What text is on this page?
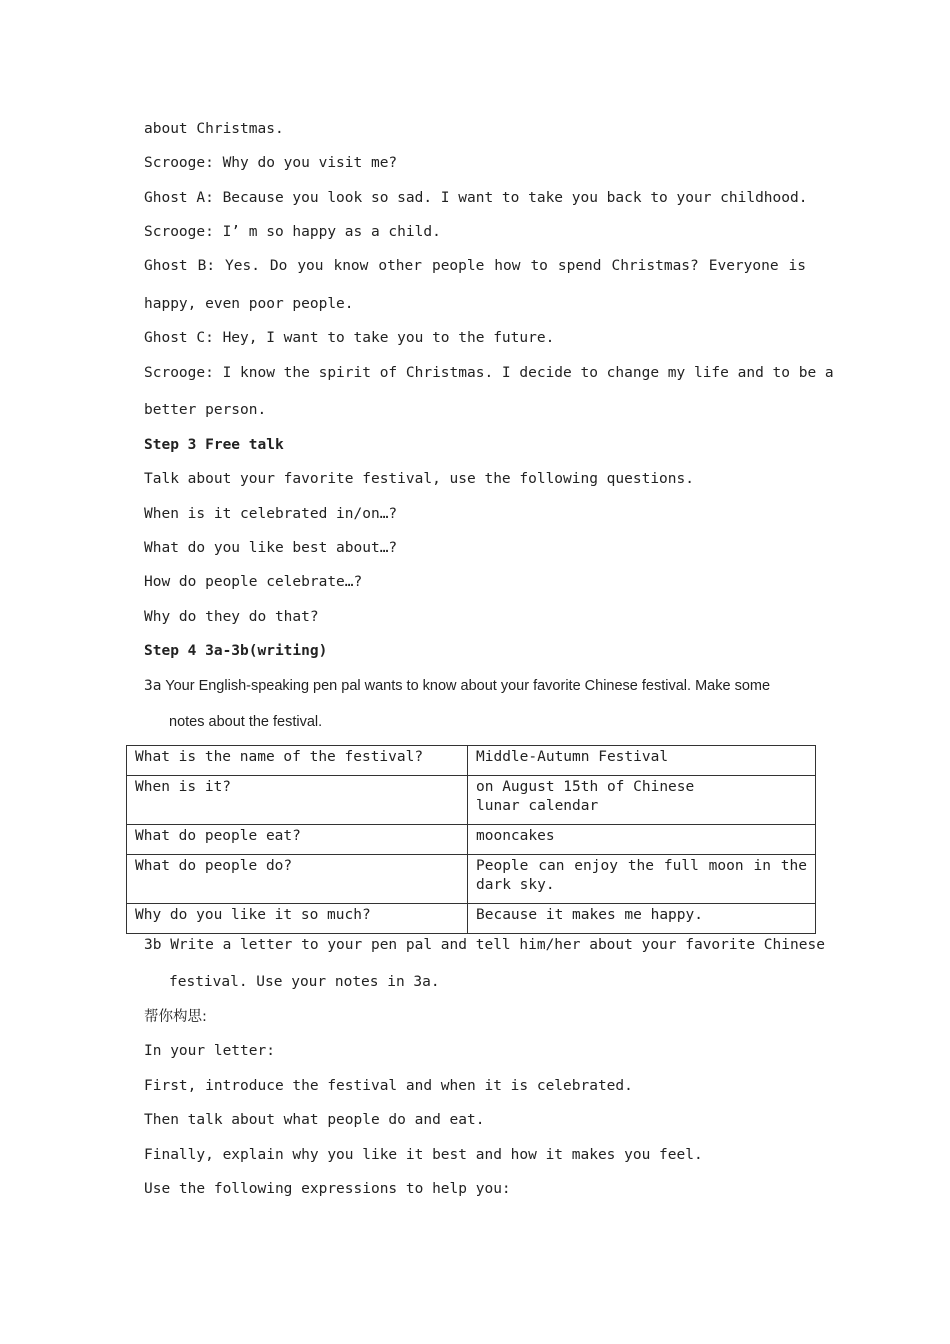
about Christmas.
Scrooge: Why do you visit me?
Ghost A: Because you look so sad. I want to take you back to your childhood.
Scrooge: I’ m so happy as a child.
Ghost B: Yes. Do you know other people how to spend Christmas? Everyone is
happy, even poor people.
Ghost C: Hey, I want to take you to the future.
Scrooge: I know the spirit of Christmas. I decide to change my life and to be a
better person.
Step 3 Free talk
Talk about your favorite festival, use the following questions.
When is it celebrated in/on…?
What do you like best about…?
How do people celebrate…?
Why do they do that?
Step 4 3a-3b(writing)
3a Your English-speaking pen pal wants to know about your favorite Chinese festival. Make some
notes about the festival.
What is the name of the festival?	Middle-Autumn Festival
When is it?	on August 15th of Chinese lunar calendar
What do people eat?	mooncakes
What do people do?	People can enjoy the full moon in the dark sky.
Why do you like it so much?	Because it makes me happy.
3b Write a letter to your pen pal and tell him/her about your favorite Chinese
festival. Use your notes in 3a.
帮你构思:
In your letter:
First, introduce the festival and when it is celebrated.
Then talk about what people do and eat.
Finally, explain why you like it best and how it makes you feel.
Use the following expressions to help you:
